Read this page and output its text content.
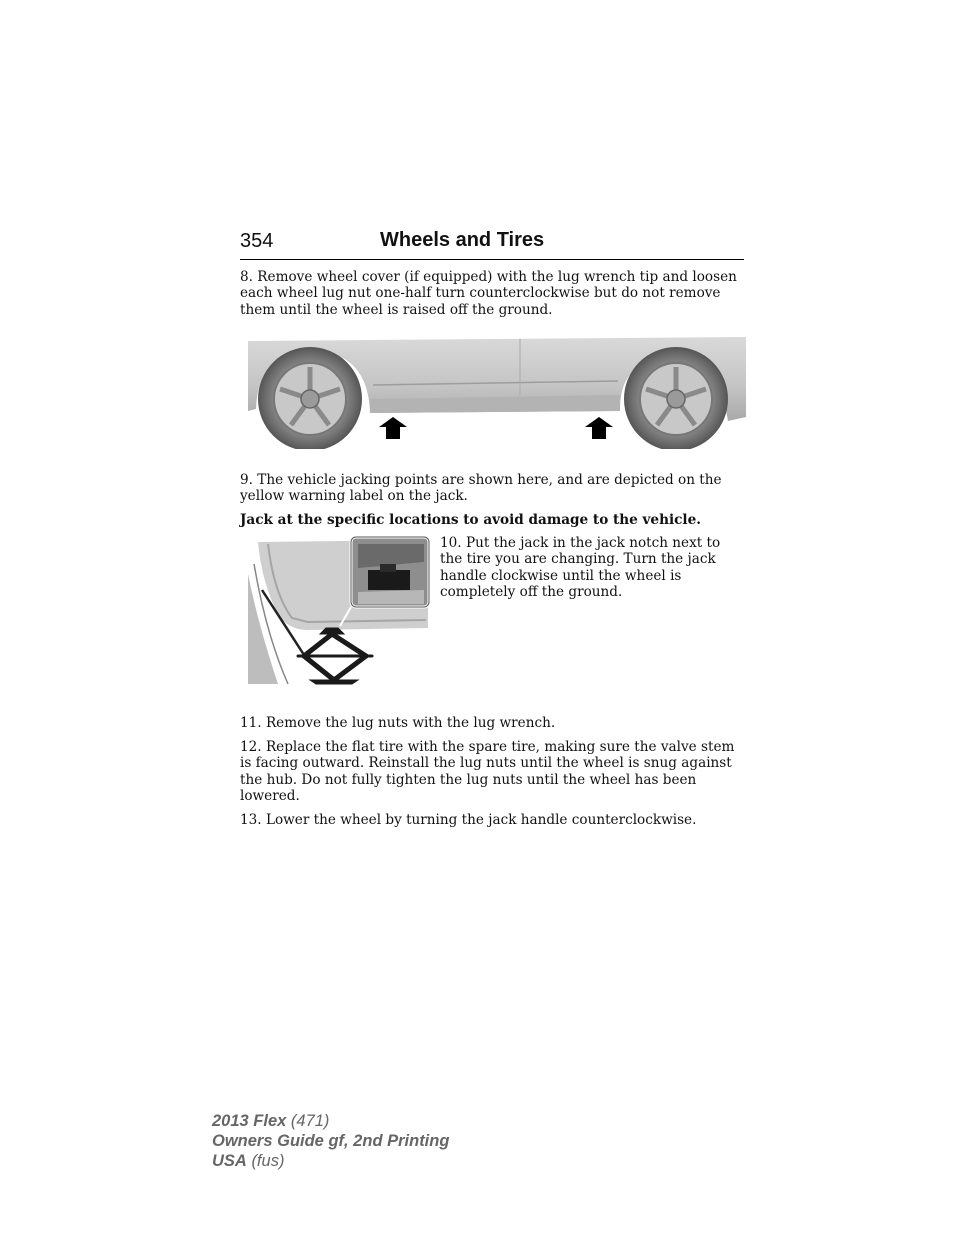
354	Wheels and Tires
8. Remove wheel cover (if equipped) with the lug wrench tip and loosen each wheel lug nut one-half turn counterclockwise but do not remove them until the wheel is raised off the ground.
9. The vehicle jacking points are shown here, and are depicted on the yellow warning label on the jack.
Jack at the specific locations to avoid damage to the vehicle.
10. Put the jack in the jack notch next to the tire you are changing. Turn the jack handle clockwise until the wheel is completely off the ground.
11. Remove the lug nuts with the lug wrench.
12. Replace the flat tire with the spare tire, making sure the valve stem is facing outward. Reinstall the lug nuts until the wheel is snug against the hub. Do not fully tighten the lug nuts until the wheel has been lowered.
13. Lower the wheel by turning the jack handle counterclockwise.
2013 Flex (471)
Owners Guide gf, 2nd Printing
USA (fus)
